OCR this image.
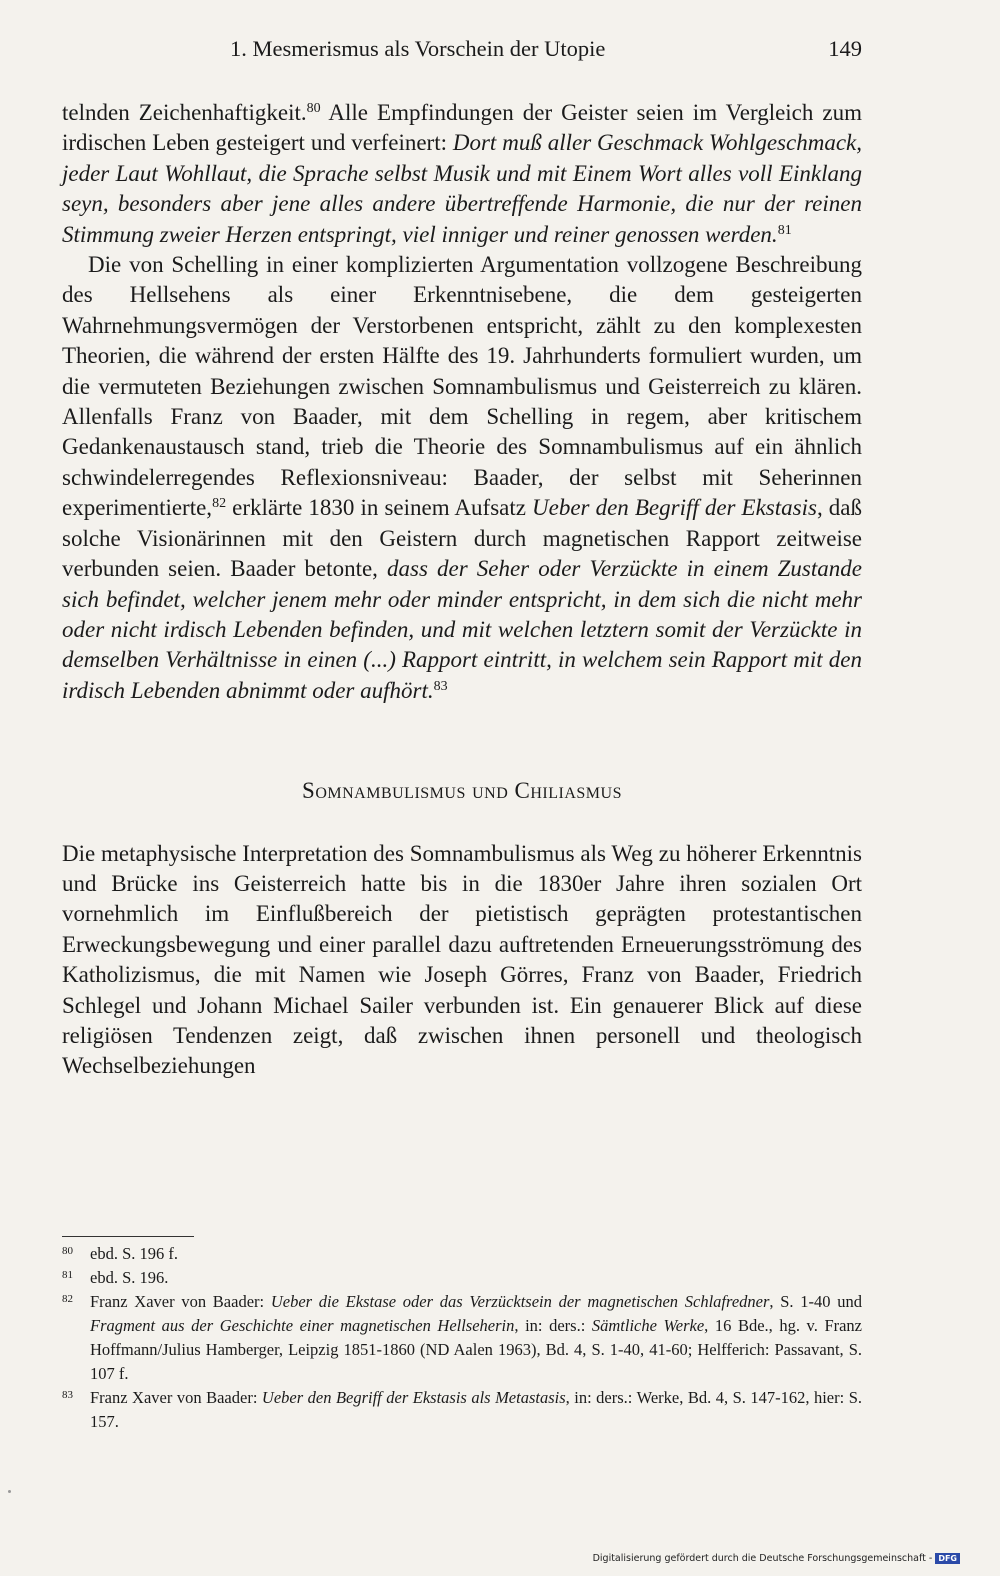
1. Mesmerismus als Vorschein der Utopie	149

telnden Zeichenhaftigkeit.$^{80}$ Alle Empfindungen der Geister seien im Vergleich zum irdischen Leben gesteigert und verfeinert: Dort muß aller Geschmack Wohlgeschmack, jeder Laut Wohllaut, die Sprache selbst Musik und mit Einem Wort alles voll Einklang seyn, besonders aber jene alles andere übertreffende Harmonie, die nur der reinen Stimmung zweier Herzen entspringt, viel inniger und reiner genossen werden.$^{81}$

Die von Schelling in einer komplizierten Argumentation vollzogene Beschreibung des Hellsehens als einer Erkenntnisebene, die dem gesteigerten Wahrnehmungsvermögen der Verstorbenen entspricht, zählt zu den komplexesten Theorien, die während der ersten Hälfte des 19. Jahrhunderts formuliert wurden, um die vermuteten Beziehungen zwischen Somnambulismus und Geisterreich zu klären. Allenfalls Franz von Baader, mit dem Schelling in regem, aber kritischem Gedankenaustausch stand, trieb die Theorie des Somnambulismus auf ein ähnlich schwindelerregendes Reflexionsniveau: Baader, der selbst mit Seherinnen experimentierte,$^{82}$ erklärte 1830 in seinem Aufsatz Ueber den Begriff der Ekstasis, daß solche Visionärinnen mit den Geistern durch magnetischen Rapport zeitweise verbunden seien. Baader betonte, dass der Seher oder Verzückte in einem Zustande sich befindet, welcher jenem mehr oder minder entspricht, in dem sich die nicht mehr oder nicht irdisch Lebenden befinden, und mit welchen letztern somit der Verzückte in demselben Verhältnisse in einen (...) Rapport eintritt, in welchem sein Rapport mit den irdisch Lebenden abnimmt oder aufhört.$^{83}$

Somnambulismus und Chiliasmus

Die metaphysische Interpretation des Somnambulismus als Weg zu höherer Erkenntnis und Brücke ins Geisterreich hatte bis in die 1830er Jahre ihren sozialen Ort vornehmlich im Einflußbereich der pietistisch geprägten protestantischen Erweckungsbewegung und einer parallel dazu auftretenden Erneuerungsströmung des Katholizismus, die mit Namen wie Joseph Görres, Franz von Baader, Friedrich Schlegel und Johann Michael Sailer verbunden ist. Ein genauerer Blick auf diese religiösen Tendenzen zeigt, daß zwischen ihnen personell und theologisch Wechselbeziehungen

80 ebd. S. 196 f.

81 ebd. S. 196.

82 Franz Xaver von Baader: Ueber die Ekstase oder das Verzücktsein der magnetischen Schlafredner, S. 1-40 und Fragment aus der Geschichte einer magnetischen Hellseherin, in: ders.: Sämtliche Werke, 16 Bde., hg. v. Franz Hoffmann/Julius Hamberger, Leipzig 1851-1860 (ND Aalen 1963), Bd. 4, S. 1-40, 41-60; Helfferich: Passavant, S. 107 f.

83 Franz Xaver von Baader: Ueber den Begriff der Ekstasis als Metastasis, in: ders.: Werke, Bd. 4, S. 147-162, hier: S. 157.

Digitalisierung gefördert durch die Deutsche Forschungsgemeinschaft - DFG
